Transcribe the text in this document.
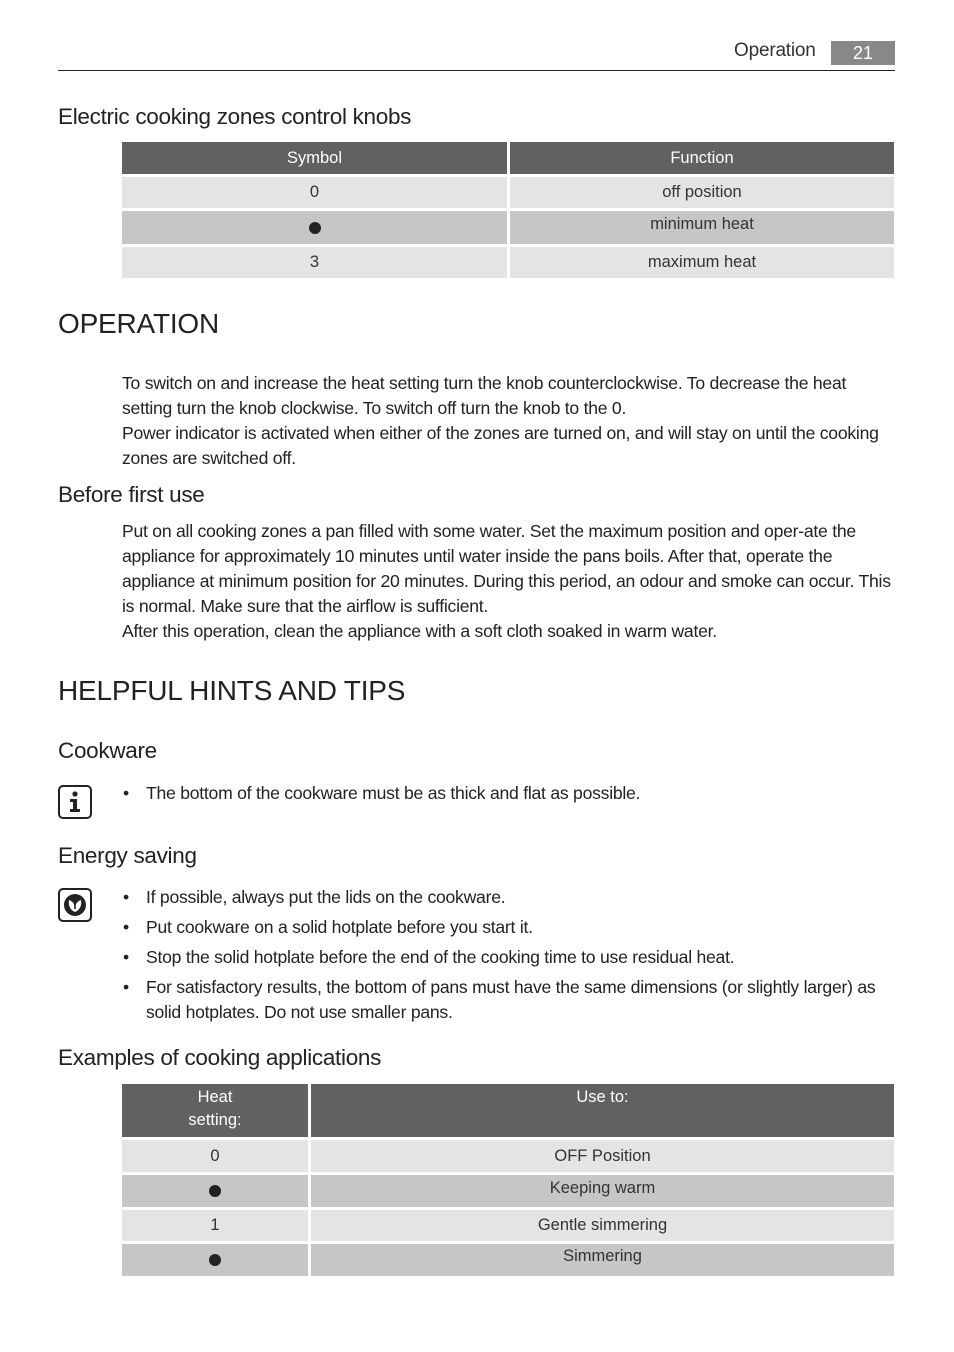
Operation	21
Electric cooking zones control knobs
Symbol	Function
0	off position
	minimum heat
3	maximum heat
OPERATION

To switch on and increase the heat setting turn the knob counterclockwise. To decrease the heat setting turn the knob clockwise. To switch off turn the knob to the 0.

Power indicator is activated when either of the zones are turned on, and will stay on until the cooking zones are switched off.

Before first use

Put on all cooking zones a pan filled with some water. Set the maximum position and oper-ate the appliance for approximately 10 minutes until water inside the pans boils. After that, operate the appliance at minimum position for 20 minutes. During this period, an odour and smoke can occur. This is normal. Make sure that the airflow is sufficient.

After this operation, clean the appliance with a soft cloth soaked in warm water.

HELPFUL HINTS AND TIPS
Cookware
• The bottom of the cookware must be as thick and flat as possible.
Energy saving
• If possible, always put the lids on the cookware.
• Put cookware on a solid hotplate before you start it.
• Stop the solid hotplate before the end of the cooking time to use residual heat.
• For satisfactory results, the bottom of pans must have the same dimensions (or slightly larger) as solid hotplates. Do not use smaller pans.
Examples of cooking applications
Heat setting:	Use to:
0	OFF Position
	Keeping warm
1	Gentle simmering
	Simmering
